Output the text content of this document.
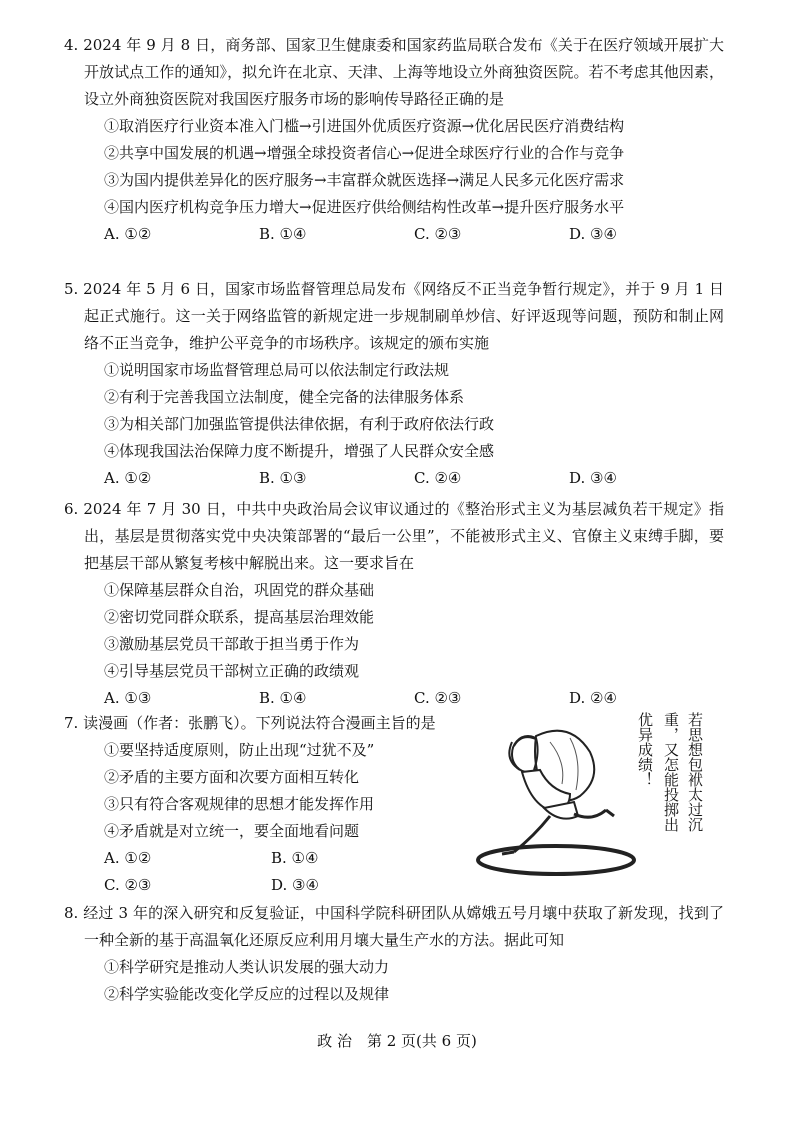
4. 2024 年 9 月 8 日，商务部、国家卫生健康委和国家药监局联合发布《关于在医疗领域开展扩大开放试点工作的通知》，拟允许在北京、天津、上海等地设立外商独资医院。若不考虑其他因素，设立外商独资医院对我国医疗服务市场的影响传导路径正确的是
①取消医疗行业资本准入门槛→引进国外优质医疗资源→优化居民医疗消费结构
②共享中国发展的机遇→增强全球投资者信心→促进全球医疗行业的合作与竞争
③为国内提供差异化的医疗服务→丰富群众就医选择→满足人民多元化医疗需求
④国内医疗机构竞争压力增大→促进医疗供给侧结构性改革→提升医疗服务水平
A. ①②	B. ①④	C. ②③	D. ③④
5. 2024 年 5 月 6 日，国家市场监督管理总局发布《网络反不正当竞争暂行规定》，并于 9 月 1 日起正式施行。这一关于网络监管的新规定进一步规制刷单炒信、好评返现等问题，预防和制止网络不正当竞争，维护公平竞争的市场秩序。该规定的颁布实施
①说明国家市场监督管理总局可以依法制定行政法规
②有利于完善我国立法制度，健全完备的法律服务体系
③为相关部门加强监管提供法律依据，有利于政府依法行政
④体现我国法治保障力度不断提升，增强了人民群众安全感
A. ①②	B. ①③	C. ②④	D. ③④
6. 2024 年 7 月 30 日，中共中央政治局会议审议通过的《整治形式主义为基层减负若干规定》指出，基层是贯彻落实党中央决策部署的“最后一公里”，不能被形式主义、官僚主义束缚手脚，要把基层干部从繁复考核中解脱出来。这一要求旨在
①保障基层群众自治，巩固党的群众基础
②密切党同群众联系，提高基层治理效能
③激励基层党员干部敢于担当勇于作为
④引导基层党员干部树立正确的政绩观
A. ①③	B. ①④	C. ②③	D. ②④
7. 读漫画（作者：张鹏飞）。下列说法符合漫画主旨的是
①要坚持适度原则，防止出现“过犹不及”
②矛盾的主要方面和次要方面相互转化
③只有符合客观规律的思想才能发挥作用
④矛盾就是对立统一，要全面地看问题
A. ①②	B. ①④
C. ②③	D. ③④
若思想包袱太过沉
重，又怎能投掷出
优异成绩！
8. 经过 3 年的深入研究和反复验证，中国科学院科研团队从嫦娥五号月壤中获取了新发现，找到了一种全新的基于高温氧化还原反应利用月壤大量生产水的方法。据此可知
①科学研究是推动人类认识发展的强大动力
②科学实验能改变化学反应的过程以及规律
政 治　第 2 页(共 6 页)
